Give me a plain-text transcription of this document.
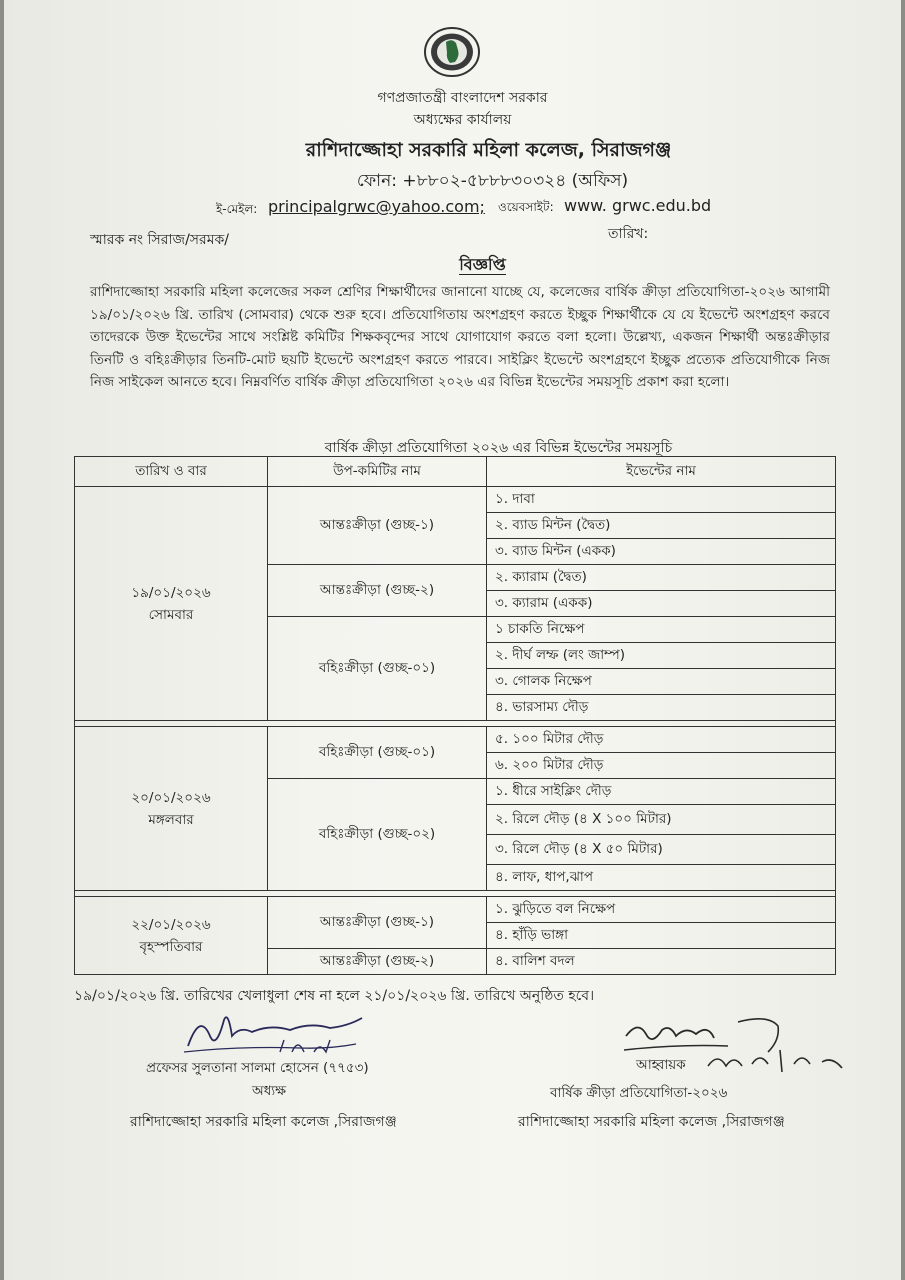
গণপ্রজাতন্ত্রী বাংলাদেশ সরকার
অধ্যক্ষের কার্যালয়
রাশিদাজ্জোহা সরকারি মহিলা কলেজ, সিরাজগঞ্জ
ফোন: +৮৮০২-৫৮৮৮৩০৩২৪ (অফিস)
ই-মেইল: principalgrwc@yahoo.com; ওয়েবসাইট: www. grwc.edu.bd
স্মারক নং সিরাজ/সরমক/	তারিখ:
বিজ্ঞপ্তি
রাশিদাজ্জোহা সরকারি মহিলা কলেজের সকল শ্রেণির শিক্ষার্থীদের জানানো যাচ্ছে যে, কলেজের বার্ষিক ক্রীড়া প্রতিযোগিতা-২০২৬ আগামী ১৯/০১/২০২৬ খ্রি. তারিখ (সোমবার) থেকে শুরু হবে। প্রতিযোগিতায় অংশগ্রহণ করতে ইচ্ছুক শিক্ষার্থীকে যে যে ইভেন্টে অংশগ্রহণ করবে তাদেরকে উক্ত ইভেন্টের সাথে সংশ্লিষ্ট কমিটির শিক্ষকবৃন্দের সাথে যোগাযোগ করতে বলা হলো। উল্লেখ্য, একজন শিক্ষার্থী অন্তঃক্রীড়ার তিনটি ও বহিঃক্রীড়ার তিনটি-মোট ছয়টি ইভেন্টে অংশগ্রহণ করতে পারবে। সাইক্লিং ইভেন্টে অংশগ্রহণে ইচ্ছুক প্রত্যেক প্রতিযোগীকে নিজ নিজ সাইকেল আনতে হবে। নিম্নবর্ণিত বার্ষিক ক্রীড়া প্রতিযোগিতা ২০২৬ এর বিভিন্ন ইভেন্টের সময়সূচি প্রকাশ করা হলো।
বার্ষিক ক্রীড়া প্রতিযোগিতা ২০২৬ এর বিভিন্ন ইভেন্টের সময়সূচি
তারিখ ও বার	উপ-কমিটির নাম	ইভেন্টের নাম

১৯/০১/২০২৬
সোমবার	আন্তঃক্রীড়া (গুচ্ছ-১)	১. দাবা
		২. ব্যাড মিন্টন (দ্বৈত)
		৩. ব্যাড মিন্টন (একক)
	আন্তঃক্রীড়া (গুচ্ছ-২)	২. ক্যারাম (দ্বৈত)
		৩. ক্যারাম (একক)
	বহিঃক্রীড়া (গুচ্ছ-০১)	১ চাকতি নিক্ষেপ
		২. দীর্ঘ লম্ফ (লং জাম্প)
		৩. গোলক নিক্ষেপ
		৪. ভারসাম্য দৌড়

২০/০১/২০২৬
মঙ্গলবার	বহিঃক্রীড়া (গুচ্ছ-০১)	৫. ১০০ মিটার দৌড়
		৬. ২০০ মিটার দৌড়
	বহিঃক্রীড়া (গুচ্ছ-০২)	১. ধীরে সাইক্লিং দৌড়
		২. রিলে দৌড় (৪ X ১০০ মিটার)
		৩. রিলে দৌড় (৪ X ৫০ মিটার)
		৪. লাফ, ধাপ,ঝাপ

২২/০১/২০২৬
বৃহস্পতিবার	আন্তঃক্রীড়া (গুচ্ছ-১)	১. ঝুড়িতে বল নিক্ষেপ
		৪. হাঁড়ি ভাঙ্গা
	আন্তঃক্রীড়া (গুচ্ছ-২)	৪. বালিশ বদল
১৯/০১/২০২৬ খ্রি. তারিখের খেলাধুলা শেষ না হলে ২১/০১/২০২৬ খ্রি. তারিখে অনুষ্ঠিত হবে।
প্রফেসর সুলতানা সালমা হোসেন (৭৭৫৩)
অধ্যক্ষ
রাশিদাজ্জোহা সরকারি মহিলা কলেজ ,সিরাজগঞ্জ
আহ্বায়ক
বার্ষিক ক্রীড়া প্রতিযোগিতা-২০২৬
রাশিদাজ্জোহা সরকারি মহিলা কলেজ ,সিরাজগঞ্জ
